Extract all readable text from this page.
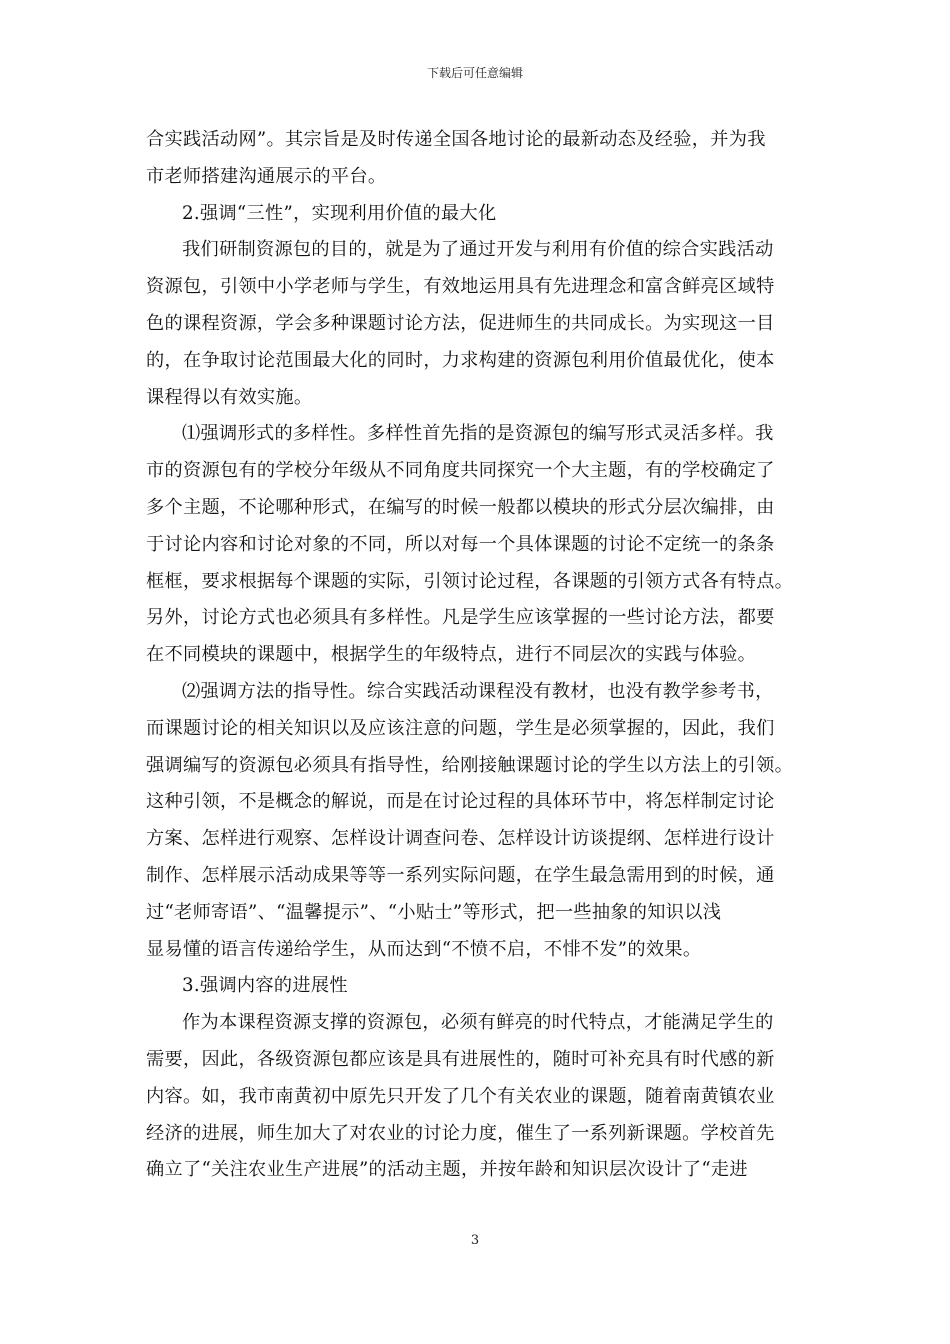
下载后可任意编辑
合实践活动网”。其宗旨是及时传递全国各地讨论的最新动态及经验，并为我
市老师搭建沟通展示的平台。
2.强调“三性”，实现利用价值的最大化
我们研制资源包的目的，就是为了通过开发与利用有价值的综合实践活动
资源包，引领中小学老师与学生，有效地运用具有先进理念和富含鲜亮区域特
色的课程资源，学会多种课题讨论方法，促进师生的共同成长。为实现这一目
的，在争取讨论范围最大化的同时，力求构建的资源包利用价值最优化，使本
课程得以有效实施。
⑴强调形式的多样性。多样性首先指的是资源包的编写形式灵活多样。我
市的资源包有的学校分年级从不同角度共同探究一个大主题，有的学校确定了
多个主题，不论哪种形式，在编写的时候一般都以模块的形式分层次编排，由
于讨论内容和讨论对象的不同，所以对每一个具体课题的讨论不定统一的条条
框框，要求根据每个课题的实际，引领讨论过程，各课题的引领方式各有特点。
另外，讨论方式也必须具有多样性。凡是学生应该掌握的一些讨论方法，都要
在不同模块的课题中，根据学生的年级特点，进行不同层次的实践与体验。
⑵强调方法的指导性。综合实践活动课程没有教材，也没有教学参考书，
而课题讨论的相关知识以及应该注意的问题，学生是必须掌握的，因此，我们
强调编写的资源包必须具有指导性，给刚接触课题讨论的学生以方法上的引领。
这种引领，不是概念的解说，而是在讨论过程的具体环节中，将怎样制定讨论
方案、怎样进行观察、怎样设计调查问卷、怎样设计访谈提纲、怎样进行设计
制作、怎样展示活动成果等等一系列实际问题，在学生最急需用到的时候，通
过“老师寄语”、“温馨提示”、“小贴士”等形式，把一些抽象的知识以浅
显易懂的语言传递给学生，从而达到“不愤不启，不悱不发”的效果。
3.强调内容的进展性
作为本课程资源支撑的资源包，必须有鲜亮的时代特点，才能满足学生的
需要，因此，各级资源包都应该是具有进展性的，随时可补充具有时代感的新
内容。如，我市南黄初中原先只开发了几个有关农业的课题，随着南黄镇农业
经济的进展，师生加大了对农业的讨论力度，催生了一系列新课题。学校首先
确立了“关注农业生产进展”的活动主题，并按年龄和知识层次设计了“走进
3
